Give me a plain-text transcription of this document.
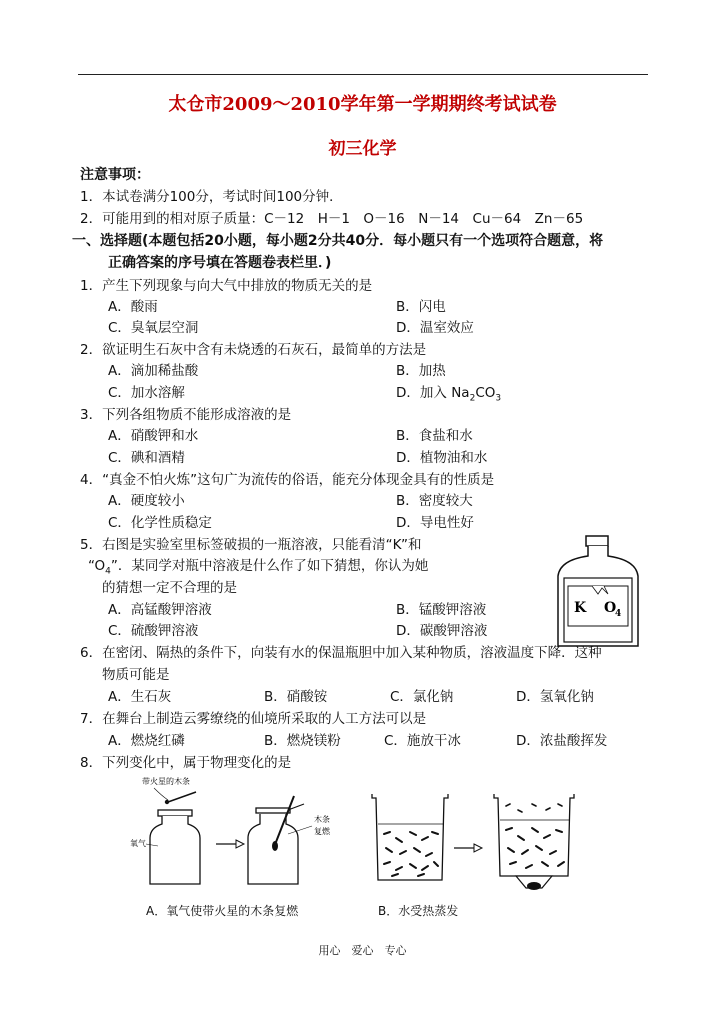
太仓市2009～2010学年第一学期期终考试试卷
初三化学
注意事项：
1．本试卷满分100分，考试时间100分钟．
2．可能用到的相对原子质量：C－12　H－1　O－16　N－14　Cu－64　Zn－65
一、选择题(本题包括20小题，每小题2分共40分．每小题只有一个选项符合题意，将
正确答案的序号填在答题卷表栏里．)
1．产生下列现象与向大气中排放的物质无关的是
A．酸雨	B．闪电
C．臭氧层空洞	D．温室效应
2．欲证明生石灰中含有未烧透的石灰石，最简单的方法是
A．滴加稀盐酸	B．加热
C．加水溶解	D．加入 $Na_2CO_3$
3．下列各组物质不能形成溶液的是
A．硝酸钾和水	B．食盐和水
C．碘和酒精	D．植物油和水
4．“真金不怕火炼”这句广为流传的俗语，能充分体现金具有的性质是
A．硬度较小	B．密度较大
C．化学性质稳定	D．导电性好
5．右图是实验室里标签破损的一瓶溶液，只能看清“K”和
“$O_4$”．某同学对瓶中溶液是什么作了如下猜想，你认为她
的猜想一定不合理的是
A．高锰酸钾溶液	B．锰酸钾溶液
C．硫酸钾溶液	D．碳酸钾溶液
K O
4
6．在密闭、隔热的条件下，向装有水的保温瓶胆中加入某种物质，溶液温度下降．这种
物质可能是
A．生石灰	B．硝酸铵	C．氯化钠	D．氢氧化钠
7．在舞台上制造云雾缭绕的仙境所采取的人工方法可以是
A．燃烧红磷	B．燃烧镁粉	C．施放干冰	D．浓盐酸挥发
8．下列变化中，属于物理变化的是
带火星的木条
氧气
木条
复燃
A．氧气使带火星的木条复燃	B．水受热蒸发
用心　爱心　专心
